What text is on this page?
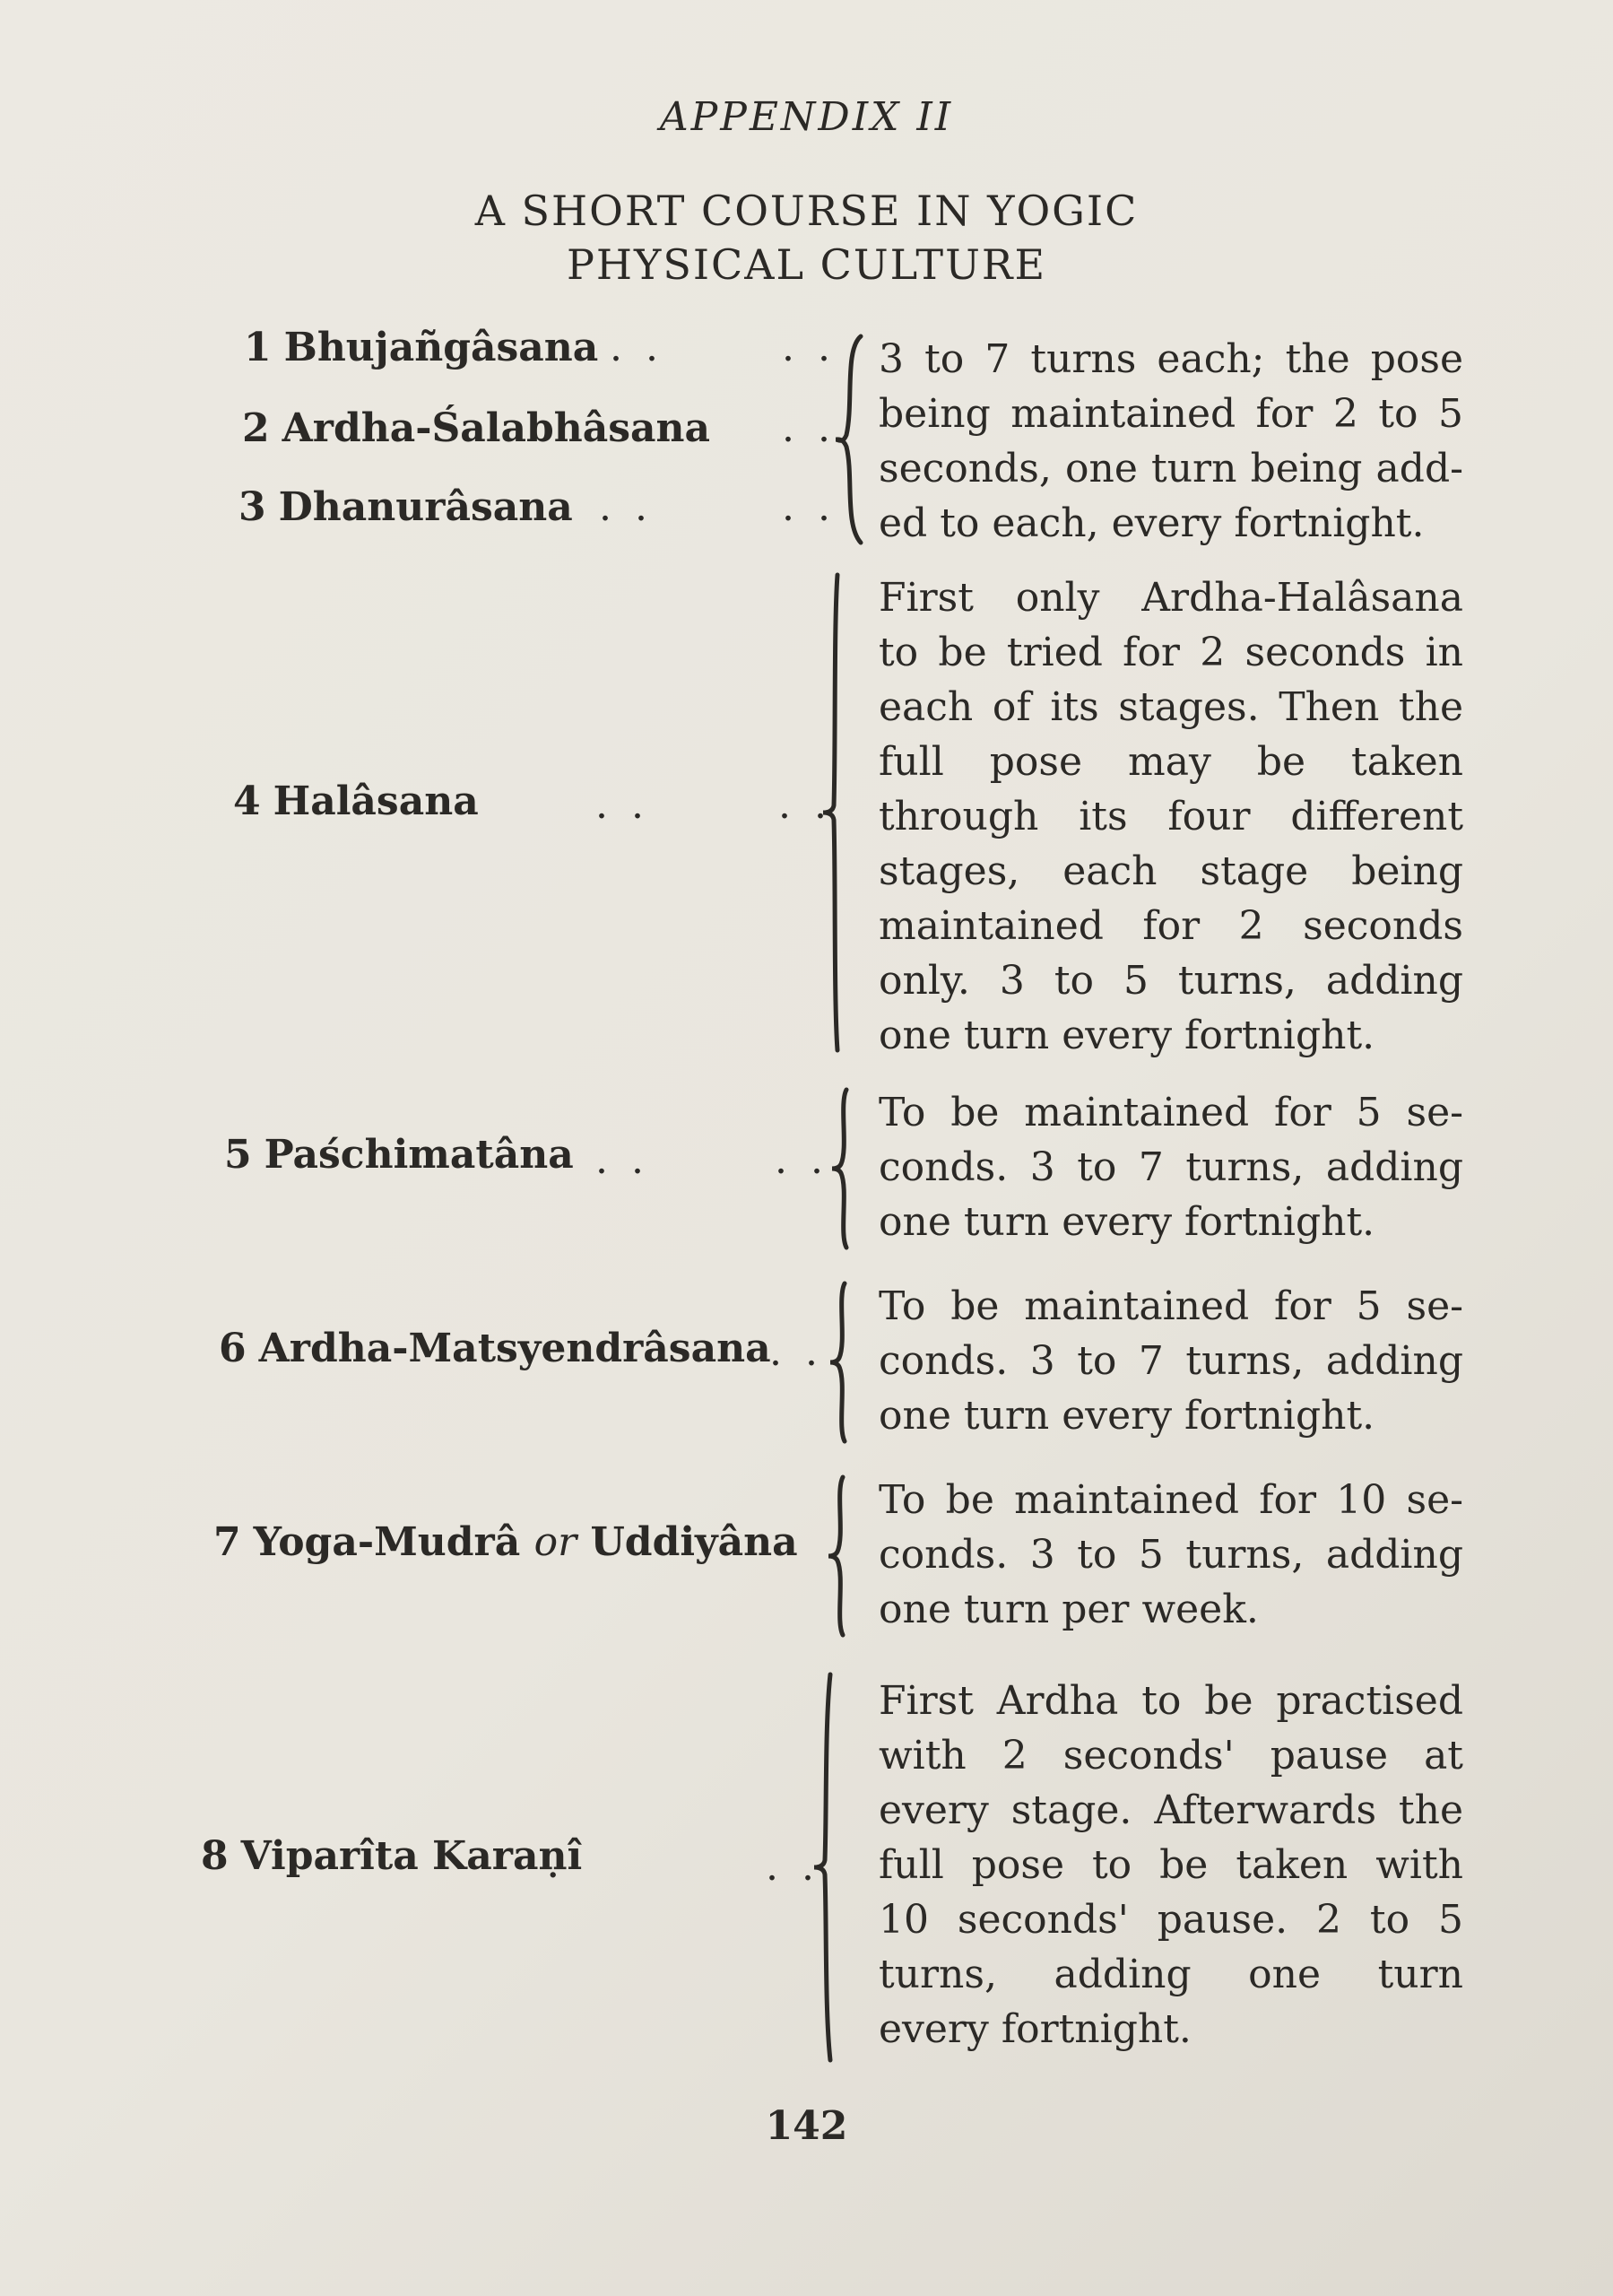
APPENDIX II
A SHORT COURSE IN YOGIC
PHYSICAL CULTURE
1 Bhujañgâsana . .	. .
2 Ardha-Śalabhâsana . .
3 Dhanurâsana . .	. .
3 to 7 turns each; the pose
being maintained for 2 to 5
seconds, one turn being add-
ed to each, every fortnight.
4 Halâsana	. .	. .
First only Ardha-Halâsana
to be tried for 2 seconds in
each of its stages. Then the
full pose may be taken
through its four different
stages, each stage being
maintained for 2 seconds
only. 3 to 5 turns, adding
one turn every fortnight.
5 Paśchimatâna . .	. .
To be maintained for 5 se-
conds. 3 to 7 turns, adding
one turn every fortnight.
6 Ardha-Matsyendrâsana
. .
To be maintained for 5 se-
conds. 3 to 7 turns, adding
one turn every fortnight.
7 Yoga-Mudrâ or Uddiyâna
To be maintained for 10 se-
conds. 3 to 5 turns, adding
one turn per week.
8 Viparîta Karaṇî	. .
First Ardha to be practised
with 2 seconds' pause at
every stage. Afterwards the
full pose to be taken with
10 seconds' pause. 2 to 5
turns, adding one turn
every fortnight.
142
